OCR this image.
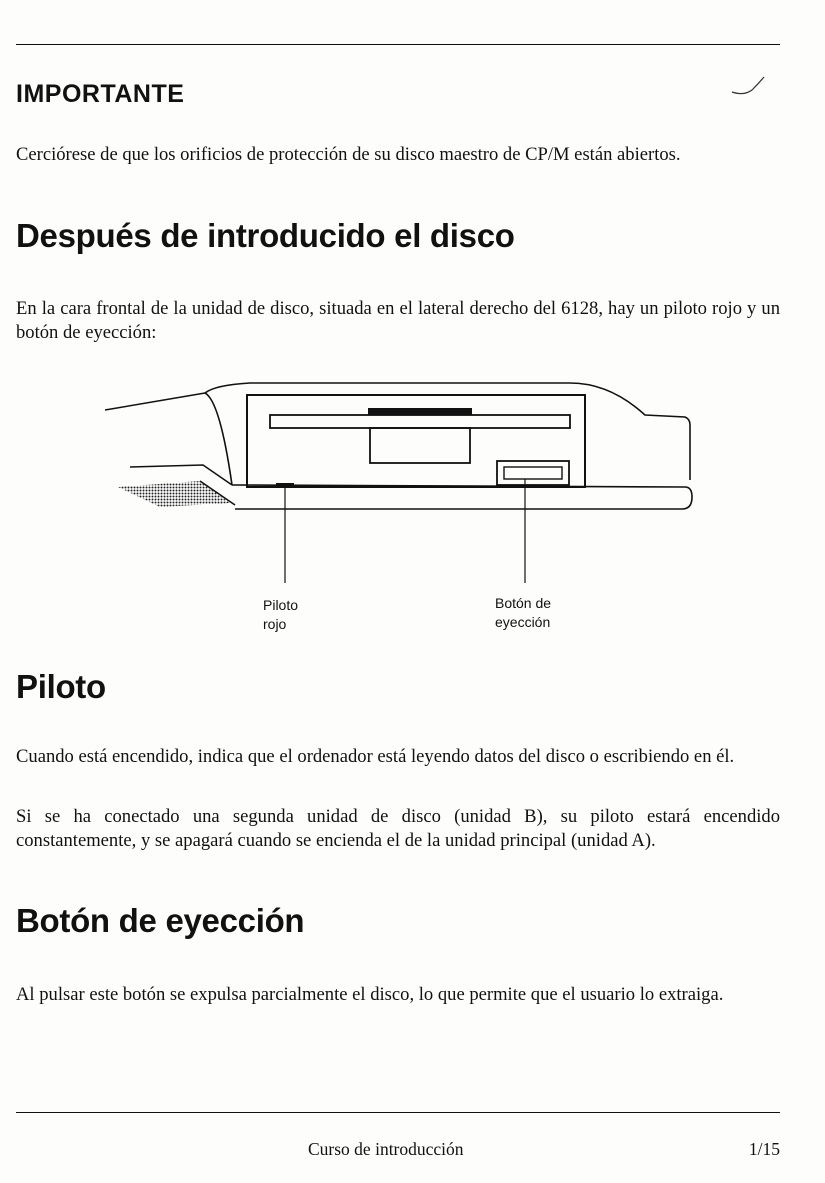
IMPORTANTE

Cerciórese de que los orificios de protección de su disco maestro de CP/M están abiertos.

Después de introducido el disco

En la cara frontal de la unidad de disco, situada en el lateral derecho del 6128, hay un piloto rojo y un botón de eyección:

Piloto
rojo

Botón de
eyección

Piloto

Cuando está encendido, indica que el ordenador está leyendo datos del disco o escribiendo en él.

Si se ha conectado una segunda unidad de disco (unidad B), su piloto estará encendido constantemente, y se apagará cuando se encienda el de la unidad principal (unidad A).

Botón de eyección

Al pulsar este botón se expulsa parcialmente el disco, lo que permite que el usuario lo extraiga.

Curso de introducción	1/15
